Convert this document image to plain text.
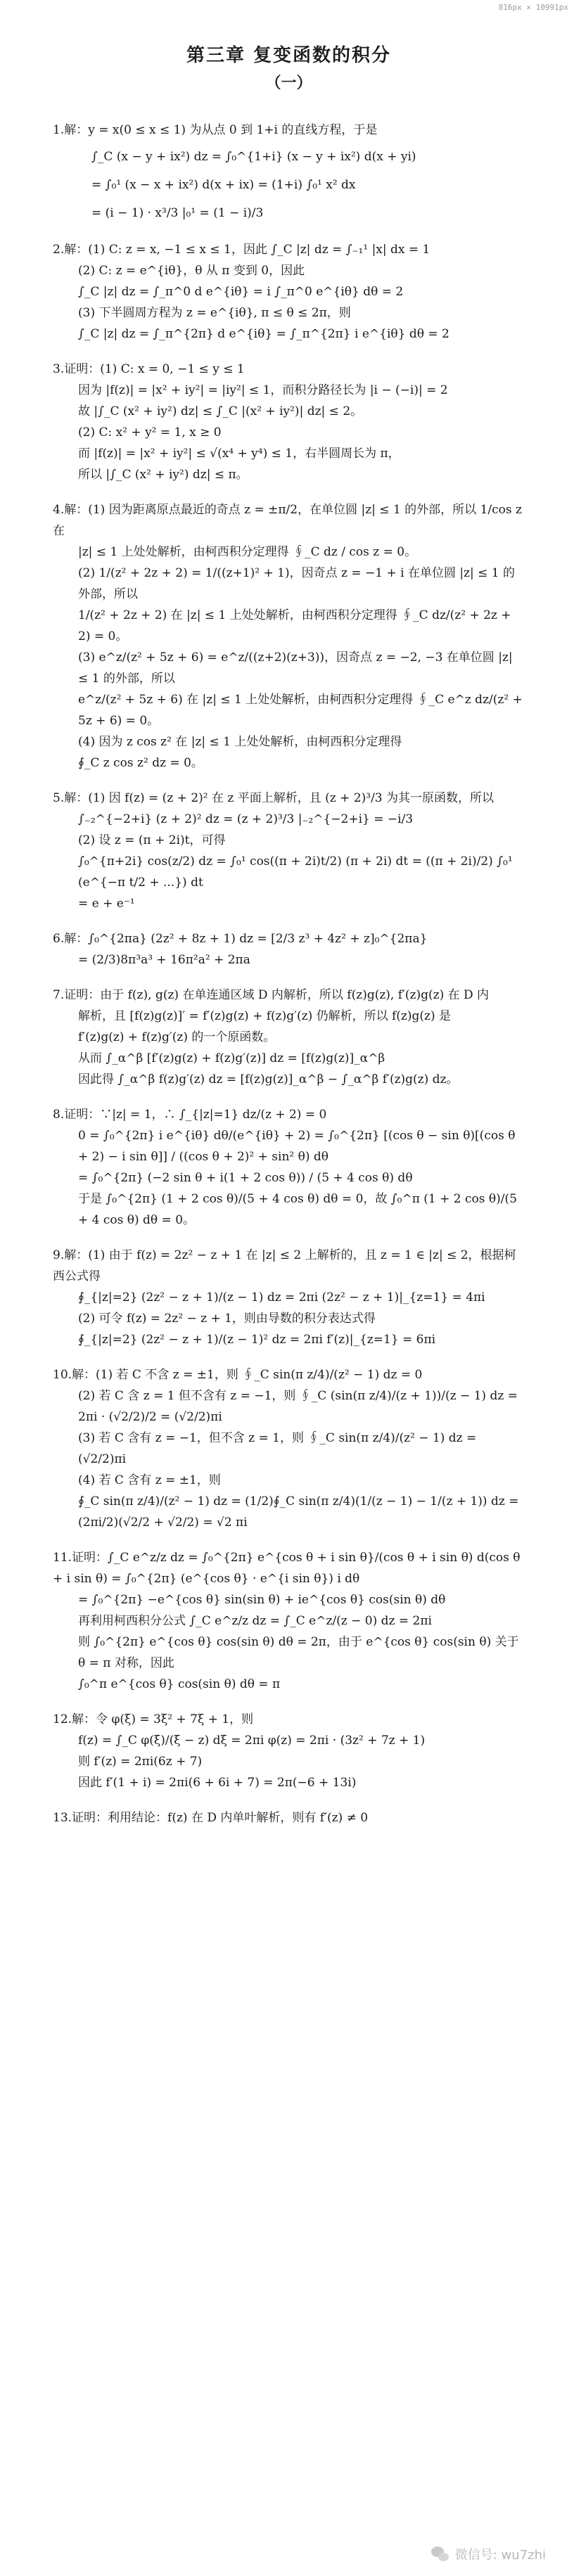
816px × 10991px
第三章 复变函数的积分
（一）
1.解：y = x(0 ≤ x ≤ 1) 为从点 0 到 1+i 的直线方程，于是
∫_C (x − y + ix²) dz = ∫₀^{1+i} (x − y + ix²) d(x + yi)
= ∫₀¹ (x − x + ix²) d(x + ix) = (1+i) ∫₀¹ x² dx
= (i − 1) · x³/3 |₀¹ = (1 − i)/3
2.解：(1) C: z = x, −1 ≤ x ≤ 1，因此 ∫_C |z| dz = ∫₋₁¹ |x| dx = 1
(2) C: z = e^{iθ}，θ 从 π 变到 0，因此
∫_C |z| dz = ∫_π^0 d e^{iθ} = i ∫_π^0 e^{iθ} dθ = 2
(3) 下半圆周方程为 z = e^{iθ}, π ≤ θ ≤ 2π，则
∫_C |z| dz = ∫_π^{2π} d e^{iθ} = ∫_π^{2π} i e^{iθ} dθ = 2
3.证明：(1) C: x = 0, −1 ≤ y ≤ 1
因为 |f(z)| = |x² + iy²| = |iy²| ≤ 1，而积分路径长为 |i − (−i)| = 2
故 |∫_C (x² + iy²) dz| ≤ ∫_C |(x² + iy²)| dz| ≤ 2。
(2) C: x² + y² = 1, x ≥ 0
而 |f(z)| = |x² + iy²| ≤ √(x⁴ + y⁴) ≤ 1，右半圆周长为 π，
所以 |∫_C (x² + iy²) dz| ≤ π。
4.解：(1) 因为距离原点最近的奇点 z = ±π/2，在单位圆 |z| ≤ 1 的外部，所以 1/cos z 在
|z| ≤ 1 上处处解析，由柯西积分定理得 ∮_C dz / cos z = 0。
(2) 1/(z² + 2z + 2) = 1/((z+1)² + 1)，因奇点 z = −1 + i 在单位圆 |z| ≤ 1 的外部，所以
1/(z² + 2z + 2) 在 |z| ≤ 1 上处处解析，由柯西积分定理得 ∮_C dz/(z² + 2z + 2) = 0。
(3) e^z/(z² + 5z + 6) = e^z/((z+2)(z+3))，因奇点 z = −2, −3 在单位圆 |z| ≤ 1 的外部，所以
e^z/(z² + 5z + 6) 在 |z| ≤ 1 上处处解析，由柯西积分定理得 ∮_C e^z dz/(z² + 5z + 6) = 0。
(4) 因为 z cos z² 在 |z| ≤ 1 上处处解析，由柯西积分定理得
∮_C z cos z² dz = 0。
5.解：(1) 因 f(z) = (z + 2)² 在 z 平面上解析，且 (z + 2)³/3 为其一原函数，所以
∫₋₂^{−2+i} (z + 2)² dz = (z + 2)³/3 |₋₂^{−2+i} = −i/3
(2) 设 z = (π + 2i)t，可得
∫₀^{π+2i} cos(z/2) dz = ∫₀¹ cos((π + 2i)t/2) (π + 2i) dt = ((π + 2i)/2) ∫₀¹ (e^{−π t/2 + ...}) dt
= e + e⁻¹
6.解：∫₀^{2πa} (2z² + 8z + 1) dz = [2/3 z³ + 4z² + z]₀^{2πa}
= (2/3)8π³a³ + 16π²a² + 2πa
7.证明：由于 f(z), g(z) 在单连通区域 D 内解析，所以 f(z)g(z), f′(z)g(z) 在 D 内
解析，且 [f(z)g(z)]′ = f′(z)g(z) + f(z)g′(z) 仍解析，所以 f(z)g(z) 是
f′(z)g(z) + f(z)g′(z) 的一个原函数。
从而 ∫_α^β [f′(z)g(z) + f(z)g′(z)] dz = [f(z)g(z)]_α^β
因此得 ∫_α^β f(z)g′(z) dz = [f(z)g(z)]_α^β − ∫_α^β f′(z)g(z) dz。
8.证明：∵|z| = 1，∴ ∫_{|z|=1} dz/(z + 2) = 0
0 = ∫₀^{2π} i e^{iθ} dθ/(e^{iθ} + 2) = ∫₀^{2π} [(cos θ − sin θ)[(cos θ + 2) − i sin θ]] / ((cos θ + 2)² + sin² θ) dθ
= ∫₀^{2π} (−2 sin θ + i(1 + 2 cos θ)) / (5 + 4 cos θ) dθ
于是 ∫₀^{2π} (1 + 2 cos θ)/(5 + 4 cos θ) dθ = 0，故 ∫₀^π (1 + 2 cos θ)/(5 + 4 cos θ) dθ = 0。
9.解：(1) 由于 f(z) = 2z² − z + 1 在 |z| ≤ 2 上解析的，且 z = 1 ∈ |z| ≤ 2，根据柯西公式得
∮_{|z|=2} (2z² − z + 1)/(z − 1) dz = 2πi (2z² − z + 1)|_{z=1} = 4πi
(2) 可令 f(z) = 2z² − z + 1，则由导数的积分表达式得
∮_{|z|=2} (2z² − z + 1)/(z − 1)² dz = 2πi f′(z)|_{z=1} = 6πi
10.解：(1) 若 C 不含 z = ±1，则 ∮_C sin(π z/4)/(z² − 1) dz = 0
(2) 若 C 含 z = 1 但不含有 z = −1，则 ∮_C (sin(π z/4)/(z + 1))/(z − 1) dz = 2πi · (√2/2)/2 = (√2/2)πi
(3) 若 C 含有 z = −1，但不含 z = 1，则 ∮_C sin(π z/4)/(z² − 1) dz = (√2/2)πi
(4) 若 C 含有 z = ±1，则
∮_C sin(π z/4)/(z² − 1) dz = (1/2)∮_C sin(π z/4)(1/(z − 1) − 1/(z + 1)) dz = (2πi/2)(√2/2 + √2/2) = √2 πi
11.证明：∫_C e^z/z dz = ∫₀^{2π} e^{cos θ + i sin θ}/(cos θ + i sin θ) d(cos θ + i sin θ) = ∫₀^{2π} (e^{cos θ} · e^{i sin θ}) i dθ
= ∫₀^{2π} −e^{cos θ} sin(sin θ) + ie^{cos θ} cos(sin θ) dθ
再利用柯西积分公式 ∫_C e^z/z dz = ∫_C e^z/(z − 0) dz = 2πi
则 ∫₀^{2π} e^{cos θ} cos(sin θ) dθ = 2π，由于 e^{cos θ} cos(sin θ) 关于 θ = π 对称，因此
∫₀^π e^{cos θ} cos(sin θ) dθ = π
12.解：令 φ(ξ) = 3ξ² + 7ξ + 1，则
f(z) = ∫_C φ(ξ)/(ξ − z) dξ = 2πi φ(z) = 2πi · (3z² + 7z + 1)
则 f′(z) = 2πi(6z + 7)
因此 f′(1 + i) = 2πi(6 + 6i + 7) = 2π(−6 + 13i)
13.证明：利用结论：f(z) 在 D 内单叶解析，则有 f′(z) ≠ 0
微信号: wu7zhi
